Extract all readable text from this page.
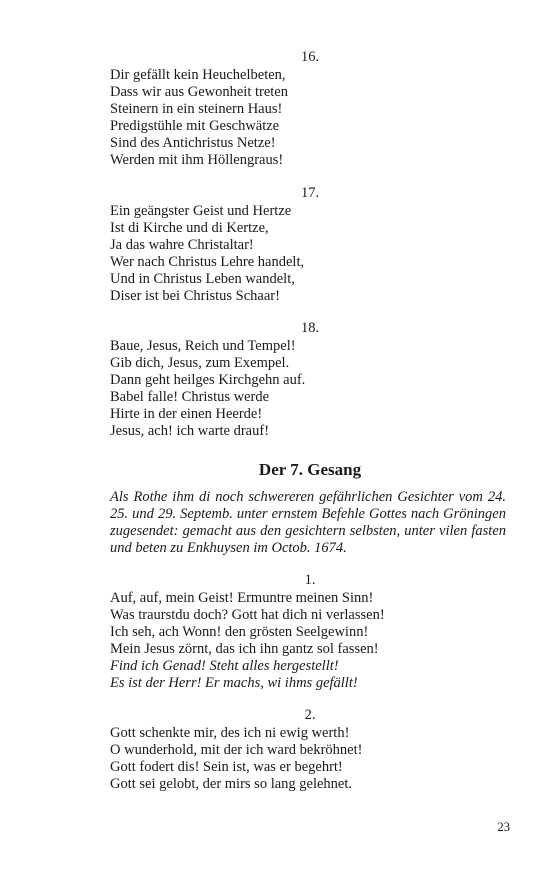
16.
Dir gefällt kein Heuchelbeten,
Dass wir aus Gewonheit treten
Steinern in ein steinern Haus!
Predigstühle mit Geschwätze
Sind des Antichristus Netze!
Werden mit ihm Höllengraus!
17.
Ein geängster Geist und Hertze
Ist di Kirche und di Kertze,
Ja das wahre Christaltar!
Wer nach Christus Lehre handelt,
Und in Christus Leben wandelt,
Diser ist bei Christus Schaar!
18.
Baue, Jesus, Reich und Tempel!
Gib dich, Jesus, zum Exempel.
Dann geht heilges Kirchgehn auf.
Babel falle! Christus werde
Hirte in der einen Heerde!
Jesus, ach! ich warte drauf!
Der 7. Gesang
Als Rothe ihm di noch schwereren gefährlichen Gesichter vom 24.
25. und 29. Septemb. unter ernstem Befehle Gottes nach Gröningen
zugesendet: gemacht aus den gesichtern selbsten, unter vilen fasten
und beten zu Enkhuysen im Octob. 1674.
1.
Auf, auf, mein Geist! Ermuntre meinen Sinn!
Was traurstdu doch? Gott hat dich ni verlassen!
Ich seh, ach Wonn! den grösten Seelgewinn!
Mein Jesus zörnt, das ich ihn gantz sol fassen!
Find ich Genad! Steht alles hergestellt!
Es ist der Herr! Er machs, wi ihms gefällt!
2.
Gott schenkte mir, des ich ni ewig werth!
O wunderhold, mit der ich ward bekröhnet!
Gott fodert dis! Sein ist, was er begehrt!
Gott sei gelobt, der mirs so lang gelehnet.
23
